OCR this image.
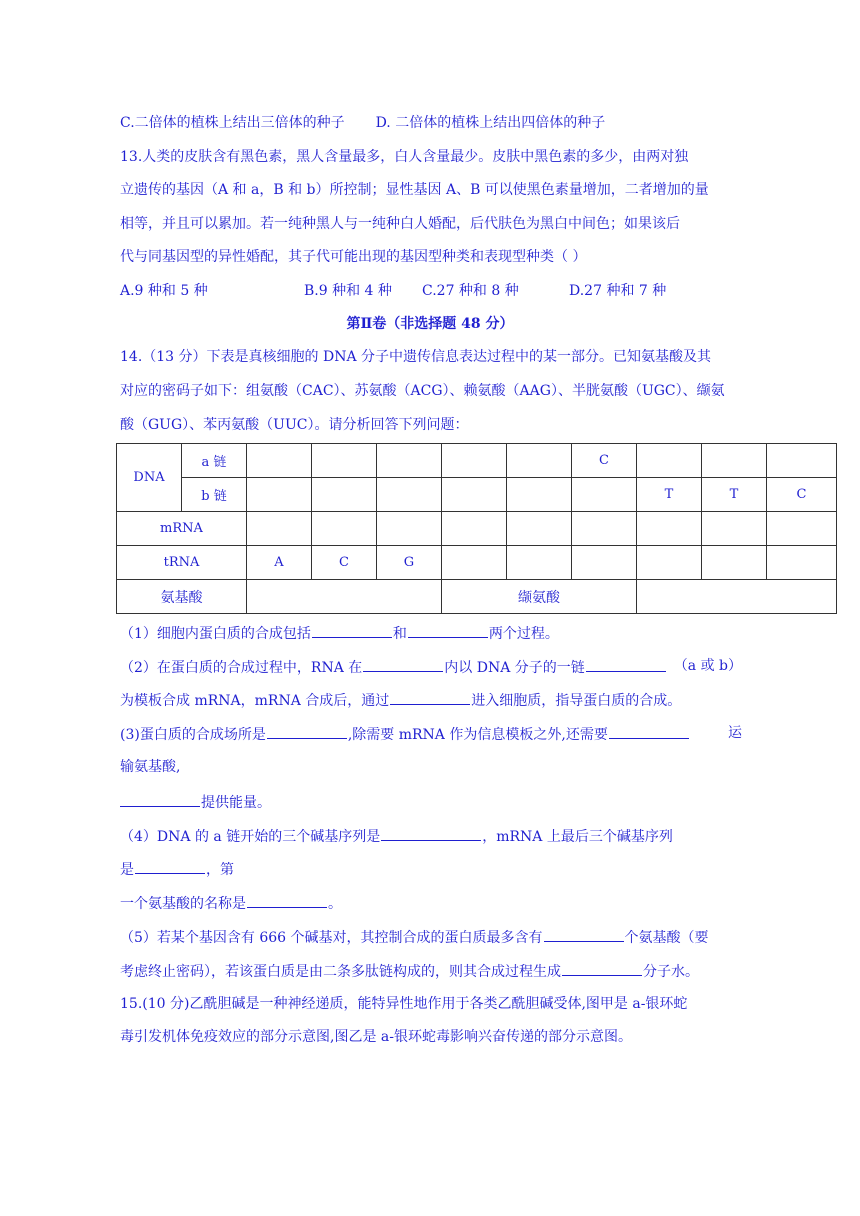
C.二倍体的植株上结出三倍体的种子 D. 二倍体的植株上结出四倍体的种子
13.人类的皮肤含有黑色素，黑人含量最多，白人含量最少。皮肤中黑色素的多少，由两对独
立遗传的基因（A 和 a，B 和 b）所控制；显性基因 A、B 可以使黑色素量增加，二者增加的量
相等，并且可以累加。若一纯种黑人与一纯种白人婚配，后代肤色为黑白中间色；如果该后
代与同基因型的异性婚配，其子代可能出现的基因型种类和表现型种类（ ）
A.9 种和 5 种	B.9 种和 4 种 C.27 种和 8 种	D.27 种和 7 种
第Ⅱ卷（非选择题 48 分）
14.（13 分）下表是真核细胞的 DNA 分子中遗传信息表达过程中的某一部分。已知氨基酸及其
对应的密码子如下：组氨酸（CAC）、苏氨酸（ACG）、赖氨酸（AAG）、半胱氨酸（UGC）、缬氨
酸（GUG）、苯丙氨酸（UUC）。请分析回答下列问题：
DNA	a 链						C			
	b 链							T	T	C
mRNA										
tRNA		A	C	G						
氨基酸					缬氨酸					
（1）细胞内蛋白质的合成包括	和	两个过程。
（2）在蛋白质的合成过程中，RNA 在	内以 DNA 分子的一链	（a 或 b）
为模板合成 mRNA，mRNA 合成后，通过	进入细胞质，指导蛋白质的合成。
(3)蛋白质的合成场所是	,除需要 mRNA 作为信息模板之外,还需要	运
输氨基酸,
提供能量。
（4）DNA 的 a 链开始的三个碱基序列是	，mRNA 上最后三个碱基序列
是	，第
一个氨基酸的名称是	。
（5）若某个基因含有 666 个碱基对，其控制合成的蛋白质最多含有	个氨基酸（要
考虑终止密码），若该蛋白质是由二条多肽链构成的，则其合成过程生成	分子水。
15.(10 分)乙酰胆碱是一种神经递质，能特异性地作用于各类乙酰胆碱受体,图甲是 a-银环蛇
毒引发机体免疫效应的部分示意图,图乙是 a-银环蛇毒影响兴奋传递的部分示意图。
